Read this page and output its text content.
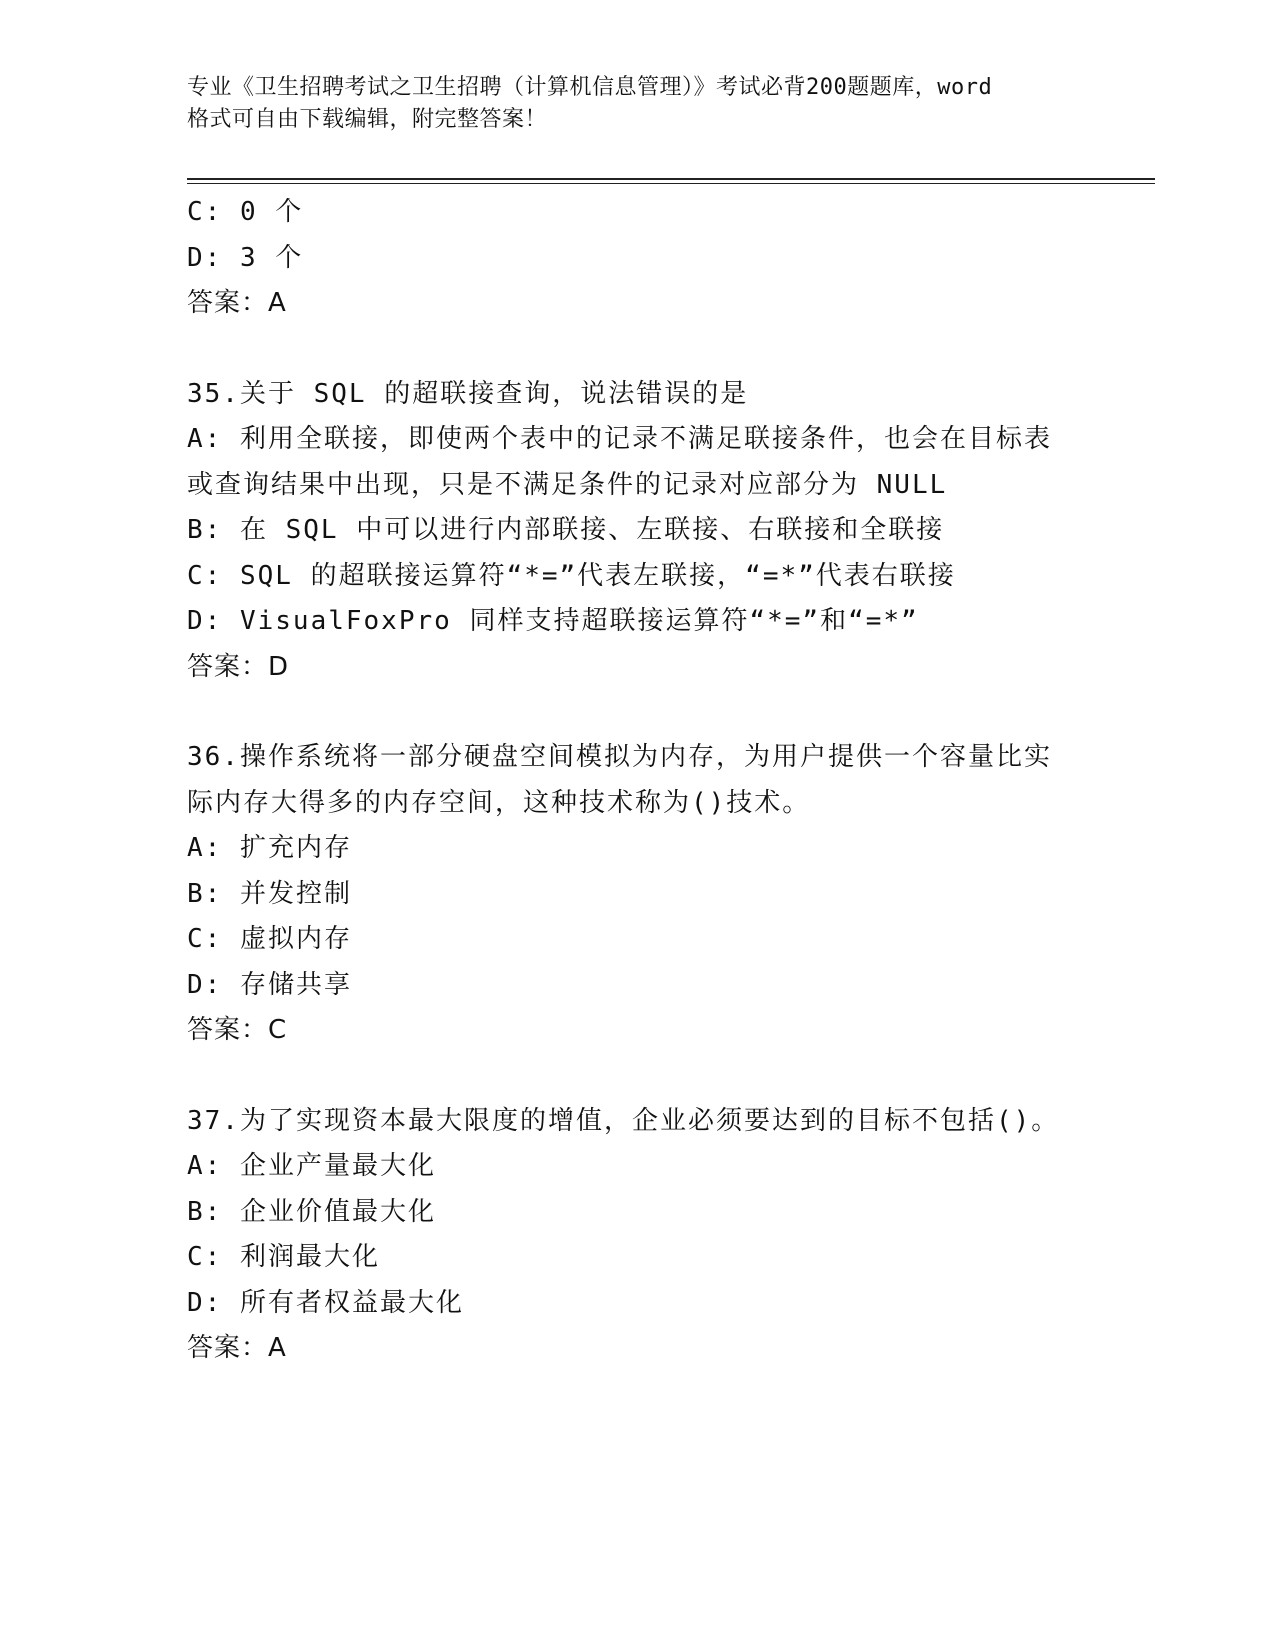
专业《卫生招聘考试之卫生招聘（计算机信息管理）》考试必背200题题库，word
格式可自由下载编辑，附完整答案！
C: 0 个
D: 3 个
答案：A
35.关于 SQL 的超联接查询，说法错误的是
A: 利用全联接，即使两个表中的记录不满足联接条件，也会在目标表
或查询结果中出现，只是不满足条件的记录对应部分为 NULL
B: 在 SQL 中可以进行内部联接、左联接、右联接和全联接
C: SQL 的超联接运算符“*=”代表左联接，“=*”代表右联接
D: VisualFoxPro 同样支持超联接运算符“*=”和“=*”
答案：D
36.操作系统将一部分硬盘空间模拟为内存，为用户提供一个容量比实
际内存大得多的内存空间，这种技术称为()技术。
A: 扩充内存
B: 并发控制
C: 虚拟内存
D: 存储共享
答案：C
37.为了实现资本最大限度的增值，企业必须要达到的目标不包括()。
A: 企业产量最大化
B: 企业价值最大化
C: 利润最大化
D: 所有者权益最大化
答案：A
